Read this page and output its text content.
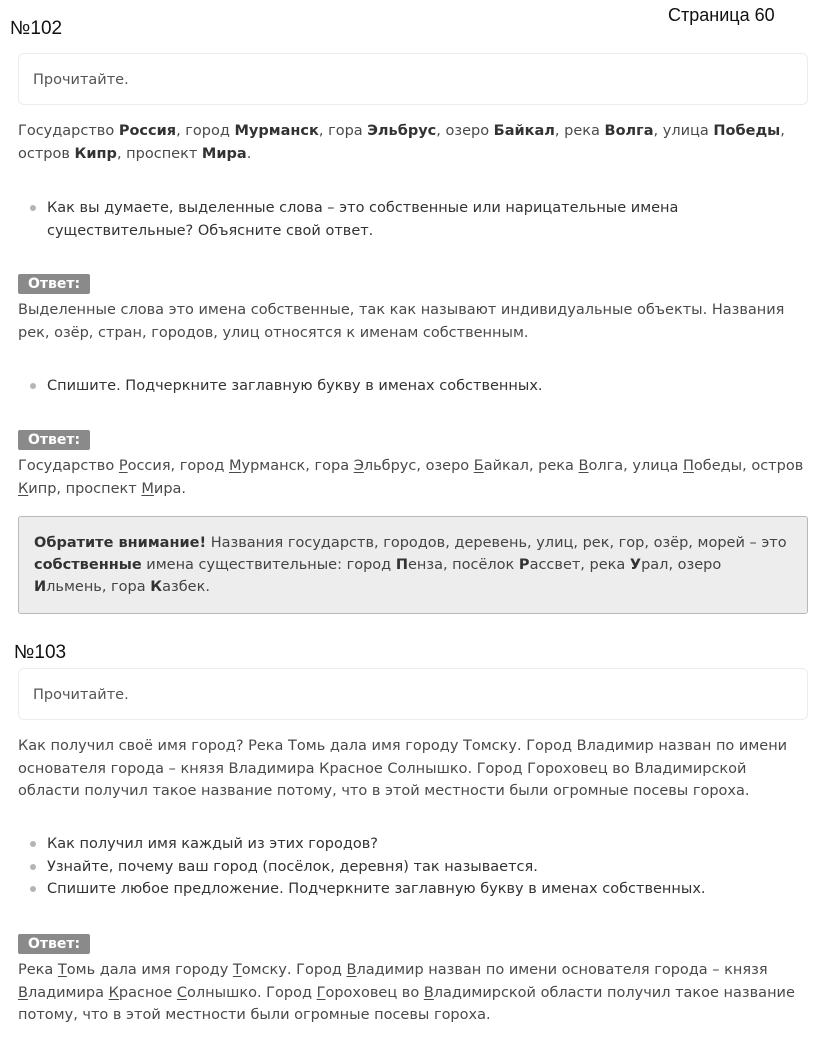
№102
Страница 60
Прочитайте.

Государство Россия, город Мурманск, гора Эльбрус, озеро Байкал, река Волга, улица Победы, остров Кипр, проспект Мира.

Как вы думаете, выделенные слова – это собственные или нарицательные имена существительные? Объясните свой ответ.
Ответ:

Выделенные слова это имена собственные, так как называют индивидуальные объекты. Названия рек, озёр, стран, городов, улиц относятся к именам собственным.

Спишите. Подчеркните заглавную букву в именах собственных.
Ответ:

Государство Россия, город Мурманск, гора Эльбрус, озеро Байкал, река Волга, улица Победы, остров Кипр, проспект Мира.

Обратите внимание! Названия государств, городов, деревень, улиц, рек, гор, озёр, морей – это собственные имена существительные: город Пенза, посёлок Рассвет, река Урал, озеро Ильмень, гора Казбек.
№103
Прочитайте.

Как получил своё имя город? Река Томь дала имя городу Томску. Город Владимир назван по имени основателя города – князя Владимира Красное Солнышко. Город Гороховец во Владимирской области получил такое название потому, что в этой местности были огромные посевы гороха.

Как получил имя каждый из этих городов?
Узнайте, почему ваш город (посёлок, деревня) так называется.
Спишите любое предложение. Подчеркните заглавную букву в именах собственных.
Ответ:

Река Томь дала имя городу Томску. Город Владимир назван по имени основателя города – князя Владимира Красное Солнышко. Город Гороховец во Владимирской области получил такое название потому, что в этой местности были огромные посевы гороха.
